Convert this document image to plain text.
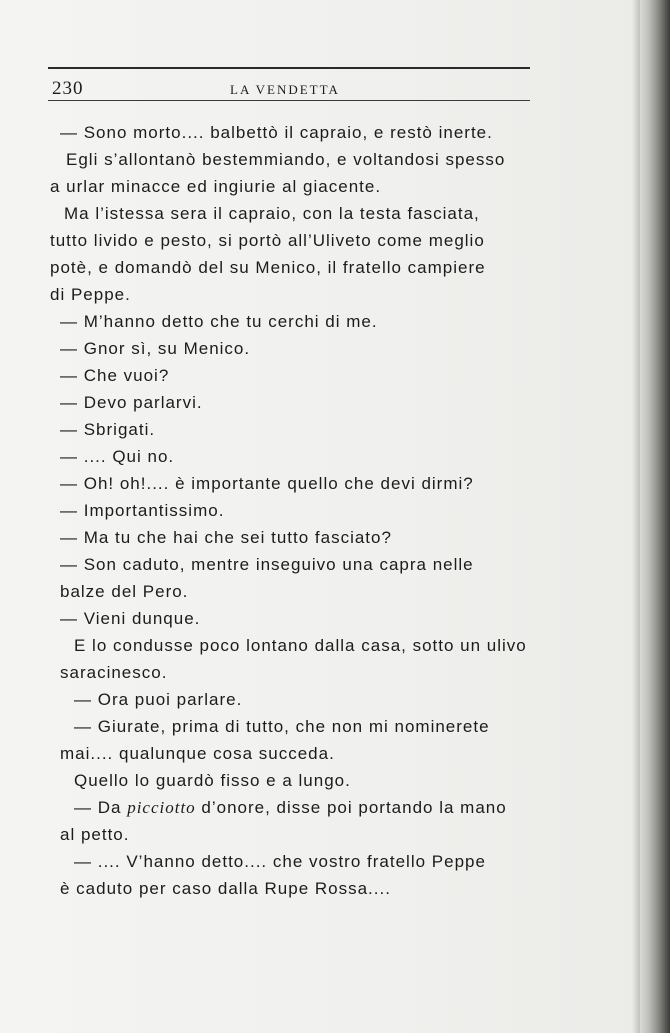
230	LA VENDETTA
— Sono morto.... balbettò il capraio, e restò inerte.
Egli s’allontanò bestemmiando, e voltandosi spesso
a urlar minacce ed ingiurie al giacente.
Ma l’istessa sera il capraio, con la testa fasciata,
tutto livido e pesto, si portò all’Uliveto come meglio
potè, e domandò del su Menico, il fratello campiere
di Peppe.
— M’hanno detto che tu cerchi di me.
— Gnor sì, su Menico.
— Che vuoi?
— Devo parlarvi.
— Sbrigati.
— .... Qui no.
— Oh! oh!.... è importante quello che devi dirmi?
— Importantissimo.
— Ma tu che hai che sei tutto fasciato?
— Son caduto, mentre inseguivo una capra nelle
balze del Pero.
— Vieni dunque.
E lo condusse poco lontano dalla casa, sotto un ulivo
saracinesco.
— Ora puoi parlare.
— Giurate, prima di tutto, che non mi nominerete
mai.... qualunque cosa succeda.
Quello lo guardò fisso e a lungo.
— Da picciotto d’onore, disse poi portando la mano
al petto.
— .... V’hanno detto.... che vostro fratello Peppe
è caduto per caso dalla Rupe Rossa....
